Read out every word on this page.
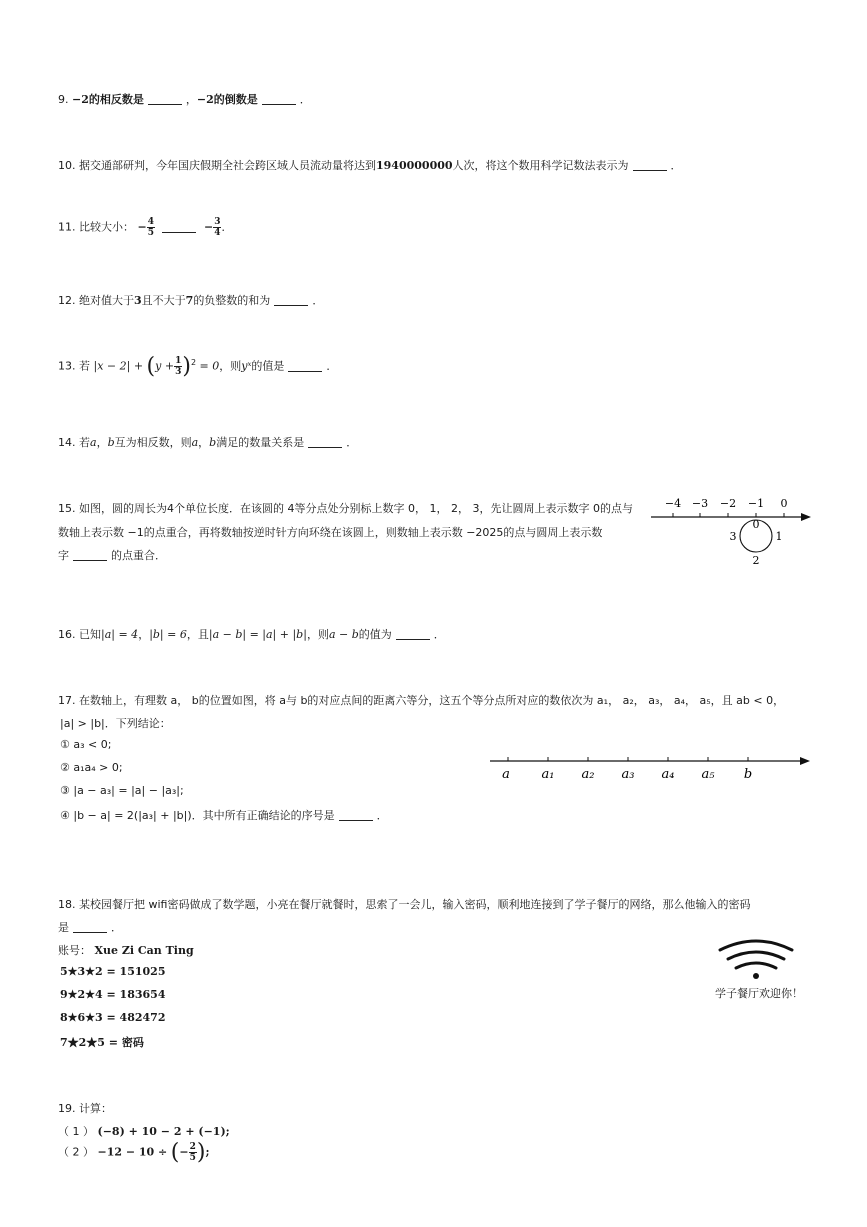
9. −2的相反数是	，−2的倒数是	．
10. 据交通部研判，今年国庆假期全社会跨区域人员流动量将达到1940000000人次，将这个数用科学记数法表示为	．
11. 比较大小： − $\frac{4}{5}$	− $\frac{3}{4}$ ．
12. 绝对值大于3且不大于7的负整数的和为	．
13. 若 $|x - 2| + (y + \frac{1}{3} )^2 = 0$，则yˣ的值是	．
14. 若a，b互为相反数，则a，b满足的数量关系是	．
15. 如图，圆的周长为4个单位长度．在该圆的 4等分点处分别标上数字 0， 1， 2， 3，先让圆周上表示数字 0的点与
数轴上表示数 −1的点重合，再将数轴按逆时针方向环绕在该圆上，则数轴上表示数 −2025的点与圆周上表示数
字	的点重合．
−4 −3 −2 −1 0
0
1
2
3
16. 已知|a| = 4，|b| = 6，且|a − b| = |a| + |b|，则a − b的值为	．
17. 在数轴上，有理数 a， b的位置如图，将 a与 b的对应点间的距离六等分，这五个等分点所对应的数依次为 a₁， a₂， a₃， a₄， a₅，且 ab < 0，
|a| > |b|．下列结论：
① a₃ < 0;
② a₁a₄ > 0;
③ |a − a₃| = |a| − |a₃|;
④ |b − a| = 2(|a₃| + |b|)．其中所有正确结论的序号是	．
a a₁ a₂ a₃ a₄ a₅ b
18. 某校园餐厅把 wifi密码做成了数学题，小亮在餐厅就餐时，思索了一会儿，输入密码，顺利地连接到了学子餐厅的网络，那么他输入的密码
是	．
账号： Xue Zi Can Ting
5★3★2 = 151025
9★2★4 = 183654
8★6★3 = 482472
7★2★5 = 密码
学子餐厅欢迎你！
19. 计算：
（ 1 ） (−8) + 10 − 2 + (−1);
（ 2 ） −12 − 10 ÷ (− $\frac{2}{5}$ );
